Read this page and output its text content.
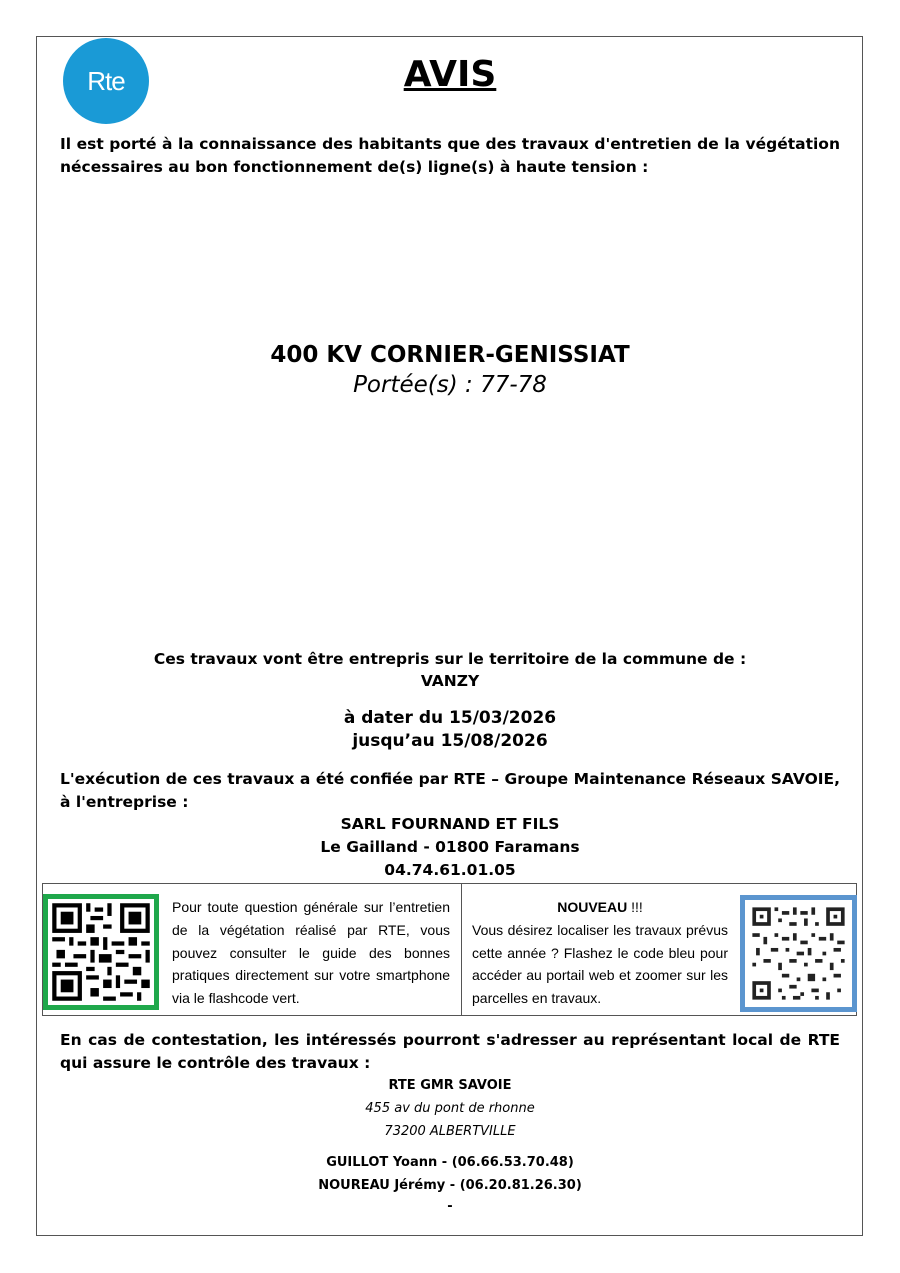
Rte	AVIS
Il est porté à la connaissance des habitants que des travaux d'entretien de la végétation nécessaires au bon fonctionnement de(s) ligne(s) à haute tension :
400 KV CORNIER-GENISSIAT
Portée(s) : 77-78
Ces travaux vont être entrepris sur le territoire de la commune de :
VANZY
à dater du 15/03/2026
jusqu’au 15/08/2026
L'exécution de ces travaux a été confiée par RTE – Groupe Maintenance Réseaux SAVOIE, à l'entreprise :
SARL FOURNAND ET FILS
Le Gailland - 01800 Faramans
04.74.61.01.05
Pour toute question générale sur l’entretien de la végétation réalisé par RTE, vous pouvez consulter le guide des bonnes pratiques directement sur votre smartphone via le flashcode vert.
NOUVEAU !!!
Vous désirez localiser les travaux prévus cette année ? Flashez le code bleu pour accéder au portail web et zoomer sur les parcelles en travaux.
En cas de contestation, les intéressés pourront s'adresser au représentant local de RTE qui assure le contrôle des travaux :
RTE GMR SAVOIE
455 av du pont de rhonne
73200 ALBERTVILLE
GUILLOT Yoann - (06.66.53.70.48)
NOUREAU Jérémy - (06.20.81.26.30)
-
